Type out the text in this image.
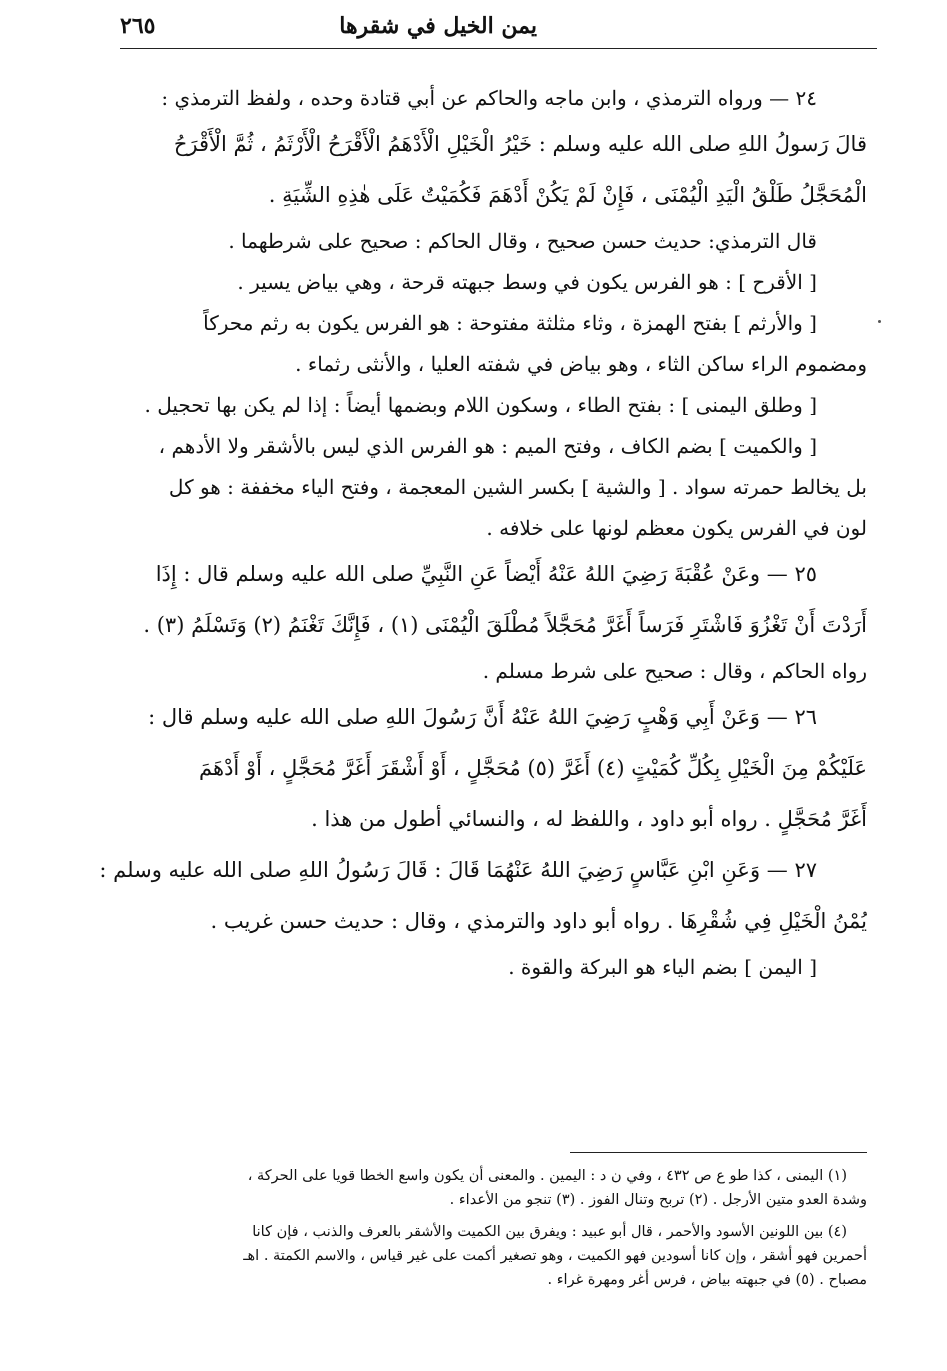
يمن الخيل في شقرها
٢٦٥
٢٤ — ورواه الترمذي ، وابن ماجه والحاكم عن أبي قتادة وحده ، ولفظ الترمذي :
قالَ رَسولُ اللهِ صلى الله عليه وسلم : خَيْرُ الْخَيْلِ الْأَدْهَمُ الْأَقْرَحُ الْأَرْثَمُ ، ثُمَّ الْأَقْرَحُ
الْمُحَجَّلُ طَلْقُ الْيَدِ الْيُمْنَى ، فَإِنْ لَمْ يَكُنْ أَدْهَمَ فَكُمَيْتٌ عَلَى هٰذِهِ الشِّيَةِ .
قال الترمذي: حديث حسن صحيح ، وقال الحاكم : صحيح على شرطهما .
[ الأقرح ] : هو الفرس يكون في وسط جبهته قرحة ، وهي بياض يسير .
[ والأرثم ] بفتح الهمزة ، وثاء مثلثة مفتوحة : هو الفرس يكون به رثم محركاً
ومضموم الراء ساكن الثاء ، وهو بياض في شفته العليا ، والأنثى رثماء .
[ وطلق اليمنى ] : بفتح الطاء ، وسكون اللام وبضمها أيضاً : إذا لم يكن بها تحجيل .
[ والكميت ] بضم الكاف ، وفتح الميم : هو الفرس الذي ليس بالأشقر ولا الأدهم ،
بل يخالط حمرته سواد . [ والشية ] بكسر الشين المعجمة ، وفتح الياء مخففة : هو كل
لون في الفرس يكون معظم لونها على خلافه .
٢٥ — وعَنْ عُقْبَةَ رَضِيَ اللهُ عَنْهُ أَيْضاً عَنِ النَّبِيِّ صلى الله عليه وسلم قال : إِذَا
أَرَدْتَ أَنْ تَغْزُوَ فَاشْتَرِ فَرَساً أَغَرَّ مُحَجَّلاً مُطْلَقَ الْيُمْنَى (١) ، فَإِنَّكَ تَغْنَمُ (٢) وَتَسْلَمُ (٣) .
رواه الحاكم ، وقال : صحيح على شرط مسلم .
٢٦ — وَعَنْ أَبِي وَهْبٍ رَضِيَ اللهُ عَنْهُ أَنَّ رَسُولَ اللهِ صلى الله عليه وسلم قال :
عَلَيْكُمْ مِنَ الْخَيْلِ بِكُلِّ كُمَيْتٍ (٤) أَغَرَّ (٥) مُحَجَّلٍ ، أَوْ أَشْقَرَ أَغَرَّ مُحَجَّلٍ ، أَوْ أَدْهَمَ
أَغَرَّ مُحَجَّلٍ . رواه أبو داود ، واللفظ له ، والنسائي أطول من هذا .
٢٧ — وَعَنِ ابْنِ عَبَّاسٍ رَضِيَ اللهُ عَنْهُمَا قَالَ : قَالَ رَسُولُ اللهِ صلى الله عليه وسلم :
يُمْنُ الْخَيْلِ فِي شُقْرِهَا . رواه أبو داود والترمذي ، وقال : حديث حسن غريب .
[ اليمن ] بضم الياء هو البركة والقوة .
(١) اليمنى ، كذا طو ع ص ٤٣٢ ، وفي ن د : اليمين . والمعنى أن يكون واسع الخطا قويا على الحركة ،
وشدة العدو متين الأرجل . (٢) تربح وتنال الفوز . (٣) تنجو من الأعداء .
(٤) بين اللونين الأسود والأحمر ، قال أبو عبيد : ويفرق بين الكميت والأشقر بالعرف والذنب ، فإن كانا
أحمرين فهو أشقر ، وإن كانا أسودين فهو الكميت ، وهو تصغير أكمت على غير قياس ، والاسم الكمتة . اهـ
مصباح . (٥) في جبهته بياض ، فرس أغر ومهرة غراء .
